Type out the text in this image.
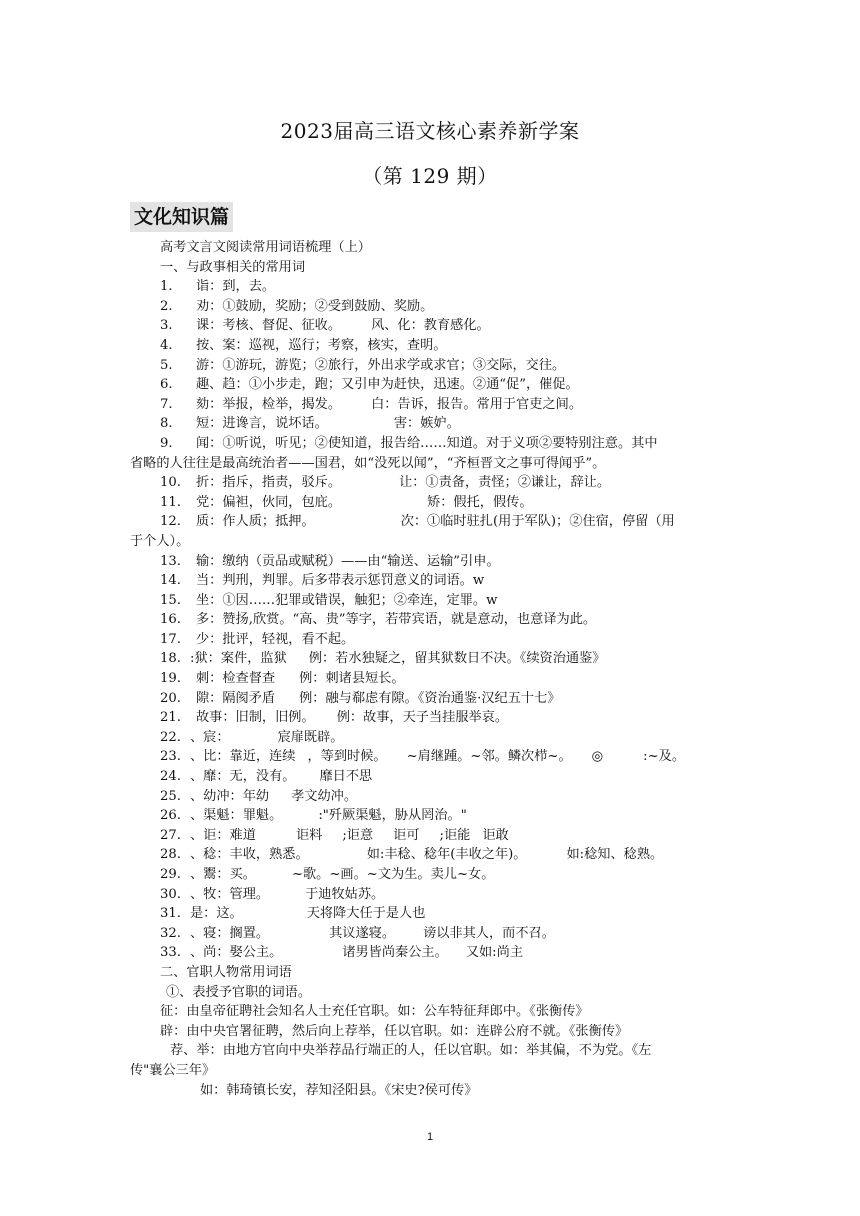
2023届高三语文核心素养新学案
（第 129 期）
文化知识篇
高考文言文阅读常用词语梳理（上）
一、与政事相关的常用词
1. 诣：到，去。
2. 劝：①鼓励，奖励；②受到鼓励、奖励。
3. 课：考核、督促、征收。 风、化：教育感化。
4. 按、案：巡视，巡行；考察，核实，查明。
5. 游：①游玩，游览；②旅行，外出求学或求官；③交际，交往。
6. 趣、趋：①小步走，跑；又引申为赶快，迅速。②通“促”，催促。
7. 劾：举报，检举，揭发。 白：告诉，报告。常用于官吏之间。
8. 短：进谗言，说坏话。	害：嫉妒。
9. 闻：①听说，听见；②使知道，报告给……知道。对于义项②要特别注意。其中
省略的人往往是最高统治者——国君，如“没死以闻”，“齐桓晋文之事可得闻乎”。
10. 折：指斥，指责，驳斥。	让：①责备，责怪；②谦让，辞让。
11. 党：偏袒，伙同，包庇。	矫：假托，假传。
12. 质：作人质；抵押。	次：①临时驻扎(用于军队)；②住宿，停留（用
于个人）。
13. 输：缴纳（贡品或赋税）——由“输送、运输”引申。
14. 当：判刑，判罪。后多带表示惩罚意义的词语。w
15. 坐：①因……犯罪或错误，触犯；②牵连，定罪。w
16. 多：赞扬,欣赏。“高、贵”等字，若带宾语，就是意动，也意译为此。
17. 少：批评，轻视，看不起。
18. :狱：案件，监狱 例：若水独疑之，留其狱数日不决。《续资治通鉴》
19. 刺：检查督查 例：刺诸县短长。
20. 隙：隔阂矛盾 例：融与郗虑有隙。《资治通鉴·汉纪五十七》
21. 故事：旧制，旧例。 例：故事，天子当挂服举哀。
22. 、宸：	宸扉既辟。
23. 、比：靠近，连续 ，等到时候。 ~肩继踵。~邻。鳞次栉~。 ◎	:~及。
24. 、靡：无，没有。 靡日不思
25. 、幼冲：年幼 孝文幼冲。
26. 、渠魁：罪魁。	:"歼厥渠魁，胁从罔治。"
27. 、讵：难道	讵料 ;讵意 讵可 ;讵能 讵敢
28. 、稔：丰收，熟悉。	如:丰稔、稔年(丰收之年)。	如:稔知、稔熟。
29. 、鬻：买。	~歌。~画。~文为生。卖儿~女。
30. 、牧：管理。	于迪牧姑苏。
31. 是：这。	天将降大任于是人也
32. 、寝：搁置。	其议遂寝。 谤以非其人，而不召。
33. 、尚：娶公主。	诸男皆尚秦公主。 又如:尚主
二、官职人物常用词语
①、表授予官职的词语。
征：由皇帝征聘社会知名人士充任官职。如：公车特征拜郎中。《张衡传》
辟：由中央官署征聘，然后向上荐举，任以官职。如：连辟公府不就。《张衡传》
荐、举：由地方官向中央举荐品行端正的人，任以官职。如：举其偏，不为党。《左
传"襄公三年》
如：韩琦镇长安，荐知泾阳县。《宋史?侯可传》
1
